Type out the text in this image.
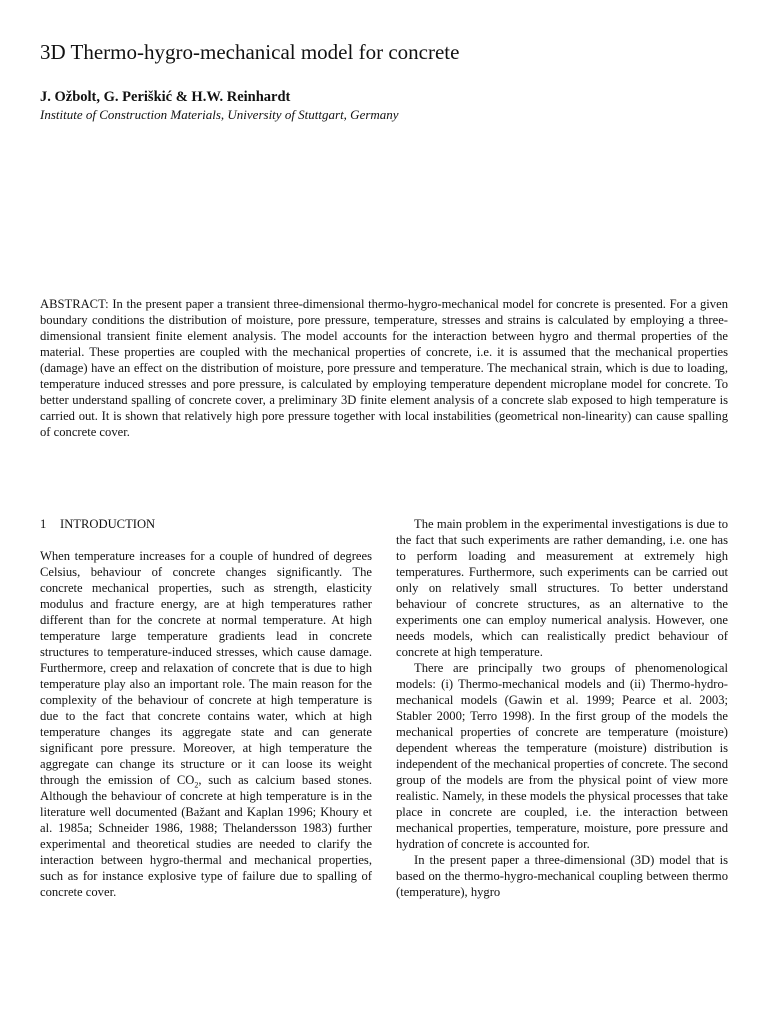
3D Thermo-hygro-mechanical model for concrete
J. Ožbolt, G. Periškić & H.W. Reinhardt
Institute of Construction Materials, University of Stuttgart, Germany

ABSTRACT: In the present paper a transient three-dimensional thermo-hygro-mechanical model for concrete is presented. For a given boundary conditions the distribution of moisture, pore pressure, temperature, stresses and strains is calculated by employing a three-dimensional transient finite element analysis. The model accounts for the interaction between hygro and thermal properties of the material. These properties are coupled with the mechanical properties of concrete, i.e. it is assumed that the mechanical properties (damage) have an effect on the distribution of moisture, pore pressure and temperature. The mechanical strain, which is due to loading, temperature induced stresses and pore pressure, is calculated by employing temperature dependent microplane model for concrete. To better understand spalling of concrete cover, a preliminary 3D finite element analysis of a concrete slab exposed to high temperature is carried out. It is shown that relatively high pore pressure together with local instabilities (geometrical non-linearity) can cause spalling of concrete cover.

1 INTRODUCTION

When temperature increases for a couple of hundred of degrees Celsius, behaviour of concrete changes significantly. The concrete mechanical properties, such as strength, elasticity modulus and fracture energy, are at high temperatures rather different than for the concrete at normal temperature. At high temperature large temperature gradients lead in concrete structures to temperature-induced stresses, which cause damage. Furthermore, creep and relaxation of concrete that is due to high temperature play also an important role. The main reason for the complexity of the behaviour of concrete at high temperature is due to the fact that concrete contains water, which at high temperature changes its aggregate state and can generate significant pore pressure. Moreover, at high temperature the aggregate can change its structure or it can loose its weight through the emission of $CO_2$, such as calcium based stones. Although the behaviour of concrete at high temperature is in the literature well documented (Bažant and Kaplan 1996; Khoury et al. 1985a; Schneider 1986, 1988; Thelandersson 1983) further experimental and theoretical studies are needed to clarify the interaction between hygro-thermal and mechanical properties, such as for instance explosive type of failure due to spalling of concrete cover.

The main problem in the experimental investigations is due to the fact that such experiments are rather demanding, i.e. one has to perform loading and measurement at extremely high temperatures. Furthermore, such experiments can be carried out only on relatively small structures. To better understand behaviour of concrete structures, as an alternative to the experiments one can employ numerical analysis. However, one needs models, which can realistically predict behaviour of concrete at high temperature.

There are principally two groups of phenomenological models: (i) Thermo-mechanical models and (ii) Thermo-hydro-mechanical models (Gawin et al. 1999; Pearce et al. 2003; Stabler 2000; Terro 1998). In the first group of the models the mechanical properties of concrete are temperature (moisture) dependent whereas the temperature (moisture) distribution is independent of the mechanical properties of concrete. The second group of the models are from the physical point of view more realistic. Namely, in these models the physical processes that take place in concrete are coupled, i.e. the interaction between mechanical properties, temperature, moisture, pore pressure and hydration of concrete is accounted for.

In the present paper a three-dimensional (3D) model that is based on the thermo-hygro-mechanical coupling between thermo (temperature), hygro
